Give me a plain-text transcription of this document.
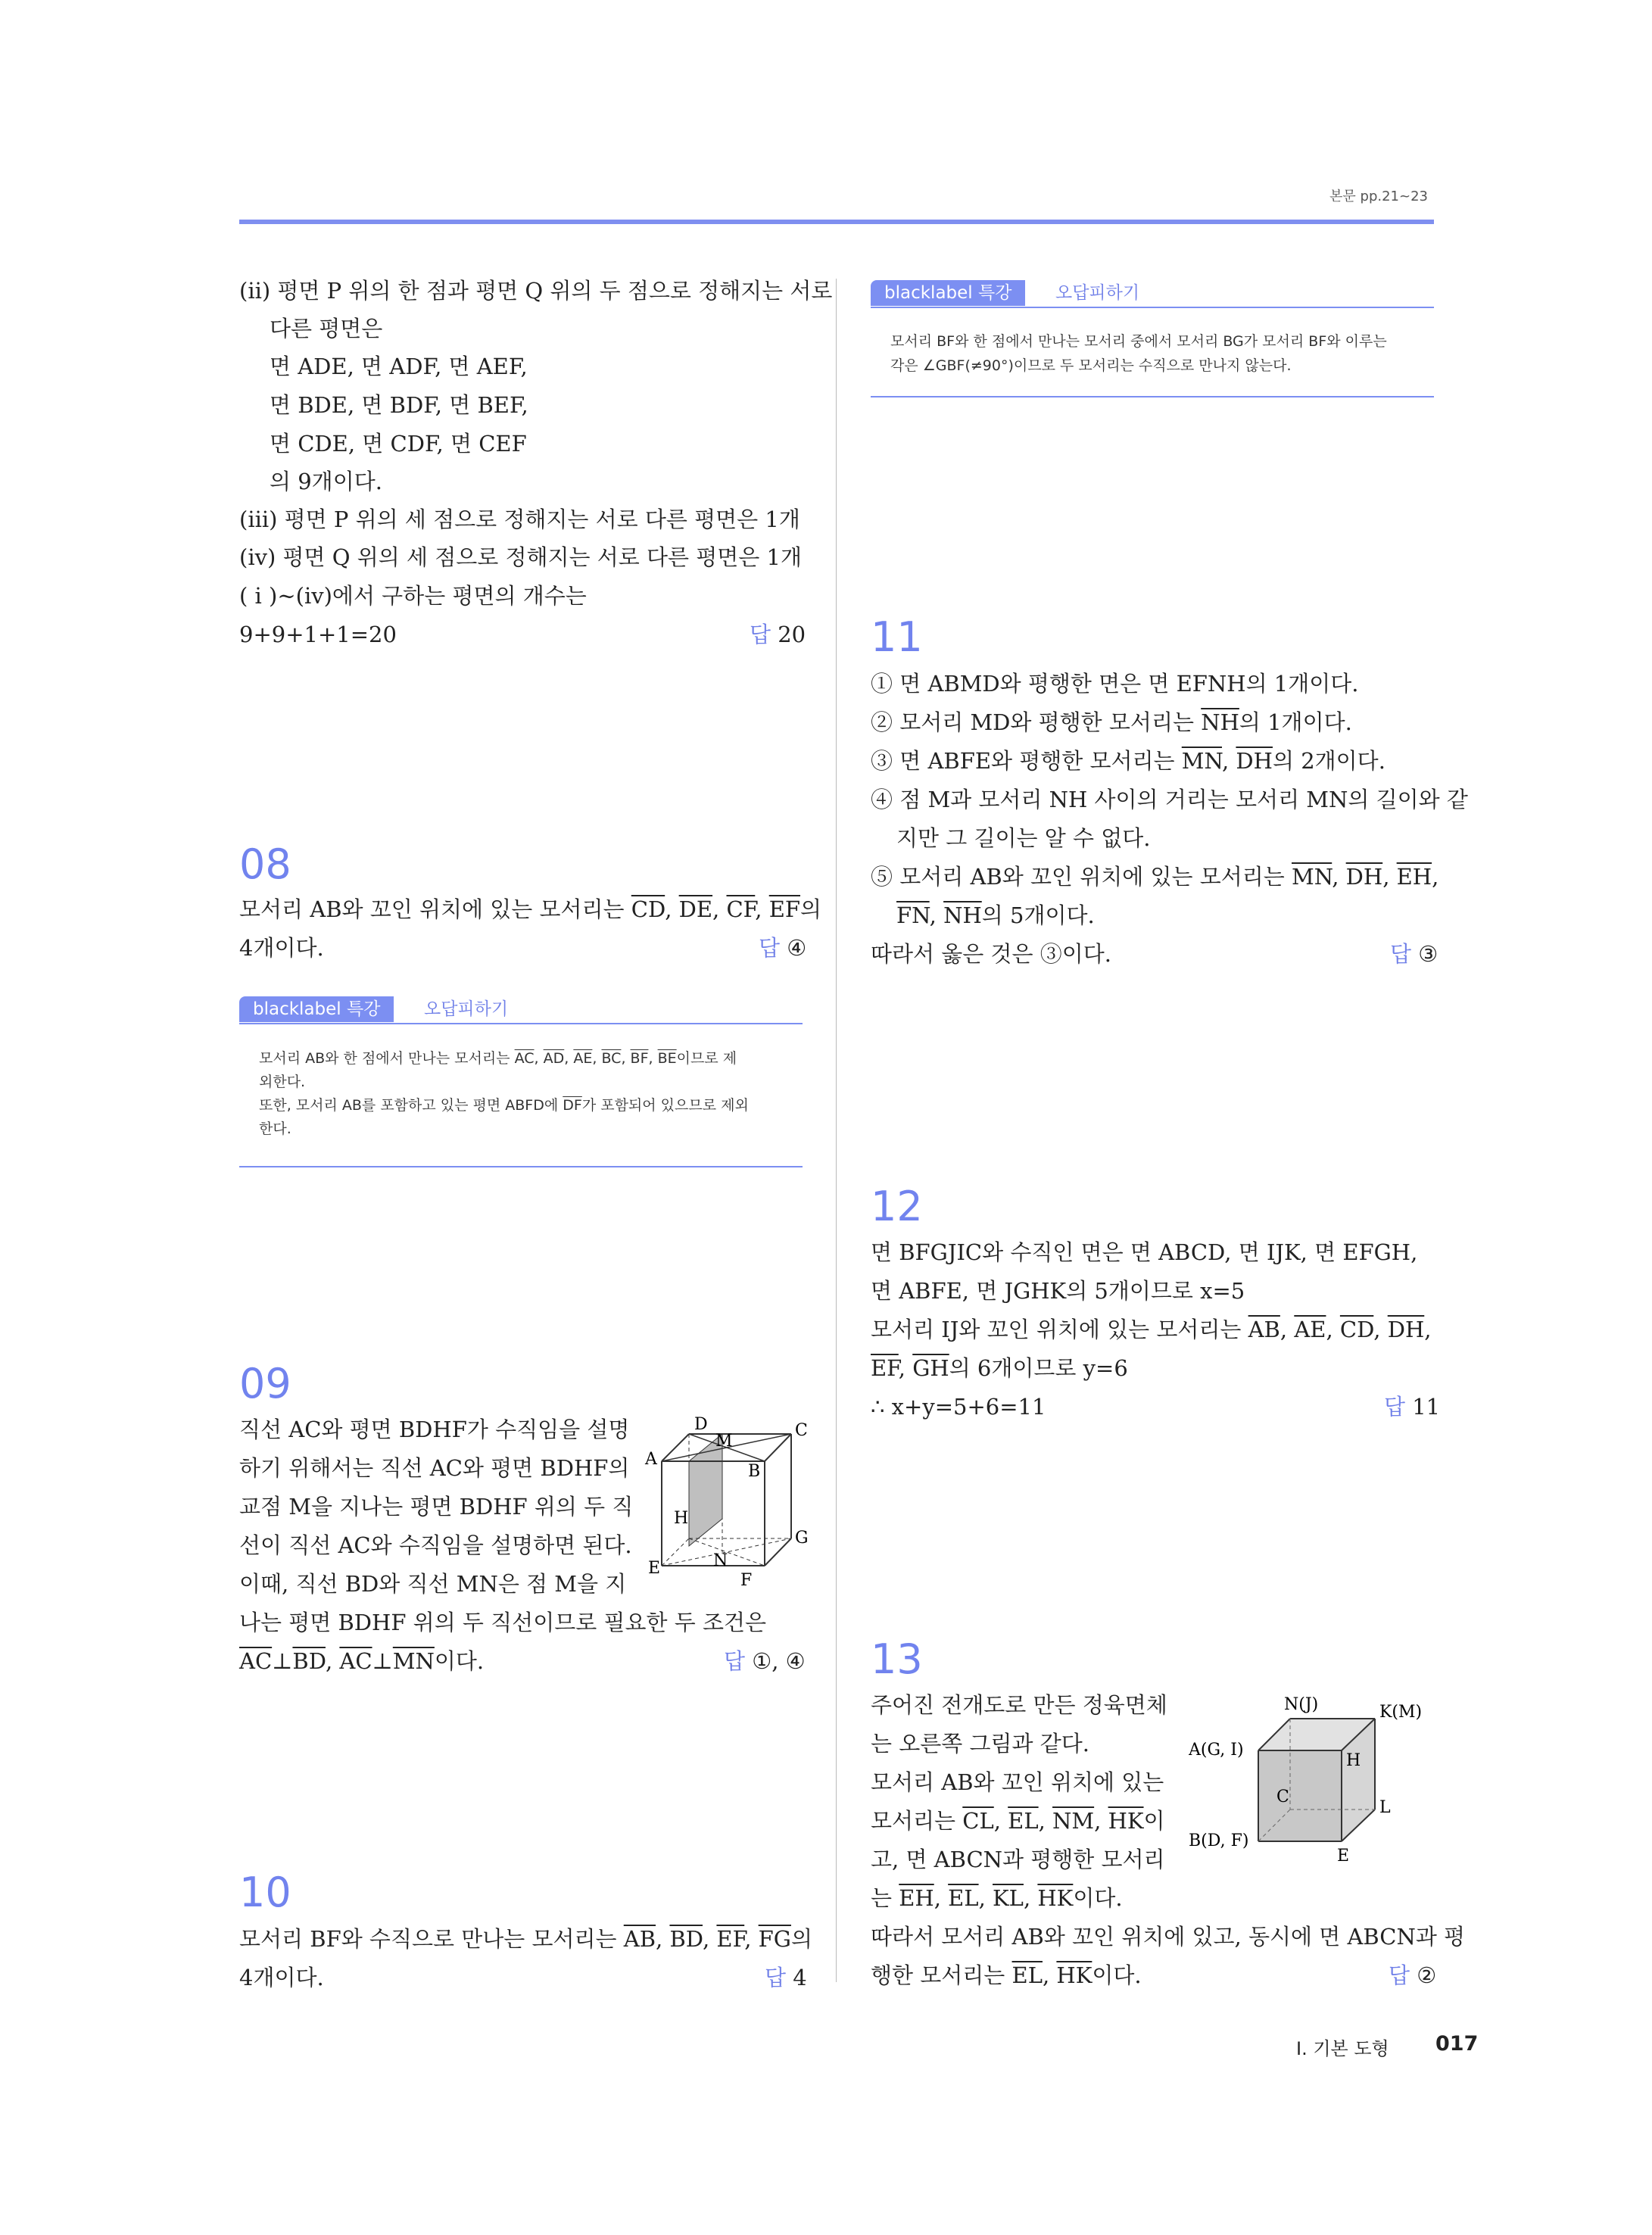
본문 pp.21~23
(ii) 평면 P 위의 한 점과 평면 Q 위의 두 점으로 정해지는 서로
다른 평면은
면 ADE, 면 ADF, 면 AEF,
면 BDE, 면 BDF, 면 BEF,
면 CDE, 면 CDF, 면 CEF
의 9개이다.
(iii) 평면 P 위의 세 점으로 정해지는 서로 다른 평면은 1개
(iv) 평면 Q 위의 세 점으로 정해지는 서로 다른 평면은 1개
( i )~(iv)에서 구하는 평면의 개수는
9+9+1+1=20	답 20
08
모서리 AB와 꼬인 위치에 있는 모서리는 $\overline{CD}$, $\overline{DE}$, $\overline{CF}$, $\overline{EF}$의
4개이다.	답 ④
blacklabel 특강	오답피하기
모서리 AB와 한 점에서 만나는 모서리는 $\overline{AC}$, $\overline{AD}$, $\overline{AE}$, $\overline{BC}$, $\overline{BF}$, $\overline{BE}$이므로 제
외한다.
또한, 모서리 AB를 포함하고 있는 평면 ABFD에 $\overline{DF}$가 포함되어 있으므로 제외
한다.
09
직선 AC와 평면 BDHF가 수직임을 설명
하기 위해서는 직선 AC와 평면 BDHF의
교점 M을 지나는 평면 BDHF 위의 두 직
선이 직선 AC와 수직임을 설명하면 된다.
이때, 직선 BD와 직선 MN은 점 M을 지
나는 평면 BDHF 위의 두 직선이므로 필요한 두 조건은
$\overline{AC}\perp\overline{BD}$, $\overline{AC}\perp\overline{MN}$이다.	답 ①, ④
D
M
C
A
B
H
G
E	N
F
10
모서리 BF와 수직으로 만나는 모서리는 $\overline{AB}$, $\overline{BD}$, $\overline{EF}$, $\overline{FG}$의
4개이다.	답 4
blacklabel 특강	오답피하기
모서리 BF와 한 점에서 만나는 모서리 중에서 모서리 BG가 모서리 BF와 이루는
각은 ∠GBF(≠90°)이므로 두 모서리는 수직으로 만나지 않는다.
11
① 면 ABMD와 평행한 면은 면 EFNH의 1개이다.
② 모서리 MD와 평행한 모서리는 $\overline{NH}$의 1개이다.
③ 면 ABFE와 평행한 모서리는 $\overline{MN}$, $\overline{DH}$의 2개이다.
④ 점 M과 모서리 NH 사이의 거리는 모서리 MN의 길이와 같
지만 그 길이는 알 수 없다.
⑤ 모서리 AB와 꼬인 위치에 있는 모서리는 $\overline{MN}$, $\overline{DH}$, $\overline{EH}$,
$\overline{FN}$, $\overline{NH}$의 5개이다.
따라서 옳은 것은 ③이다.	답 ③
12
면 BFGJIC와 수직인 면은 면 ABCD, 면 IJK, 면 EFGH,
면 ABFE, 면 JGHK의 5개이므로 x=5
모서리 IJ와 꼬인 위치에 있는 모서리는 $\overline{AB}$, $\overline{AE}$, $\overline{CD}$, $\overline{DH}$,
$\overline{EF}$, $\overline{GH}$의 6개이므로 y=6
∴ x+y=5+6=11	답 11
13
주어진 전개도로 만든 정육면체
는 오른쪽 그림과 같다.
모서리 AB와 꼬인 위치에 있는
모서리는 $\overline{CL}$, $\overline{EL}$, $\overline{NM}$, $\overline{HK}$이
고, 면 ABCN과 평행한 모서리
는 $\overline{EH}$, $\overline{EL}$, $\overline{KL}$, $\overline{HK}$이다.
따라서 모서리 AB와 꼬인 위치에 있고, 동시에 면 ABCN과 평
행한 모서리는 $\overline{EL}$, $\overline{HK}$이다.	답 ②
N(J)	K(M)
A(G, I)
H
C
L
B(D, F)
E
I. 기본 도형 017
